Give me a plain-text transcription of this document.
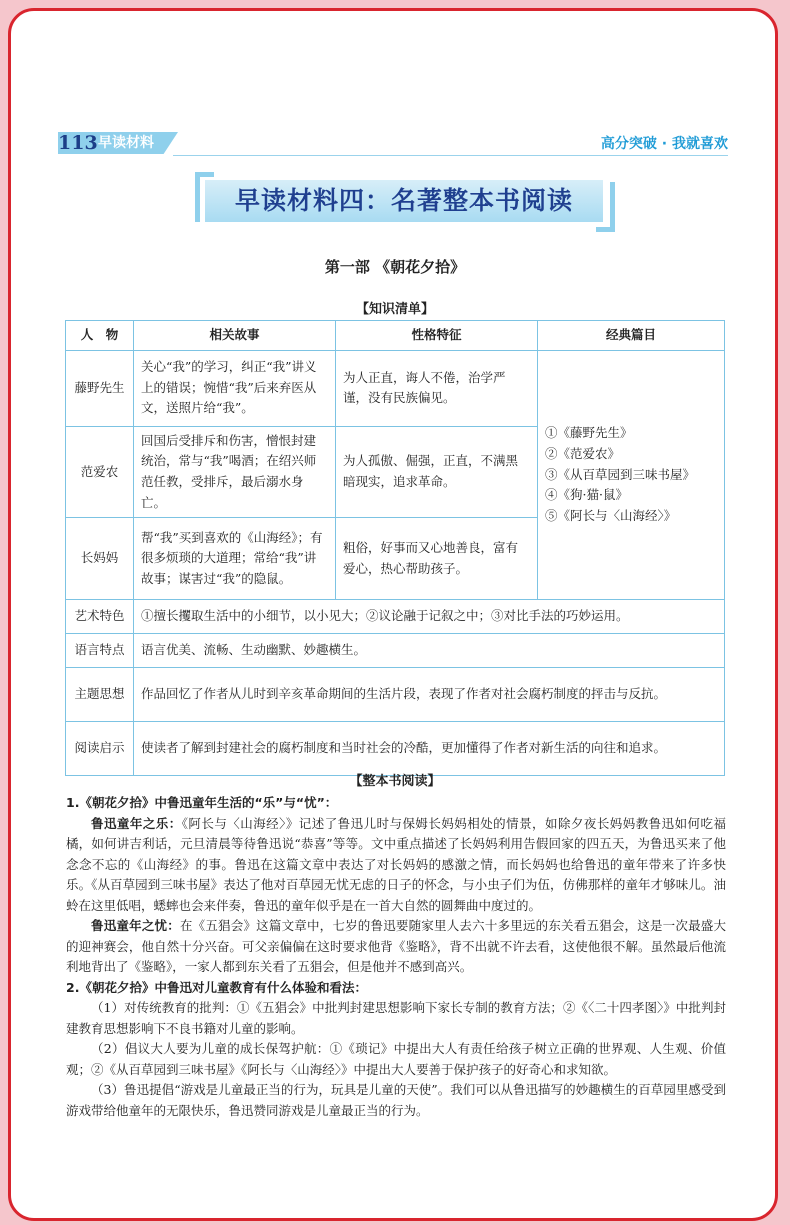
113 早读材料	高分突破 · 我就喜欢
早读材料四：名著整本书阅读
第一部 《朝花夕拾》
【知识清单】
人　物	相关故事	性格特征	经典篇目
藤野先生	关心“我”的学习，纠正“我”讲义上的错误；惋惜“我”后来弃医从文，送照片给“我”。	为人正直，诲人不倦，治学严谨，没有民族偏见。	①《藤野先生》
②《范爱农》
③《从百草园到三味书屋》
④《狗·猫·鼠》
⑤《阿长与〈山海经〉》

范爱农	回国后受排斥和伤害，憎恨封建统治，常与“我”喝酒；在绍兴师范任教，受排斥，最后溺水身亡。	为人孤傲、倔强，正直，不满黑暗现实，追求革命。	
长妈妈	帮“我”买到喜欢的《山海经》；有很多烦琐的大道理；常给“我”讲故事；谋害过“我”的隐鼠。	粗俗，好事而又心地善良，富有爱心，热心帮助孩子。	
艺术特色	①擅长攫取生活中的小细节，以小见大；②议论融于记叙之中；③对比手法的巧妙运用。		
语言特点	语言优美、流畅、生动幽默、妙趣横生。		
主题思想	作品回忆了作者从儿时到辛亥革命期间的生活片段，表现了作者对社会腐朽制度的抨击与反抗。		
阅读启示	使读者了解到封建社会的腐朽制度和当时社会的冷酷，更加懂得了作者对新生活的向往和追求。		
【整本书阅读】

1.《朝花夕拾》中鲁迅童年生活的“乐”与“忧”：

鲁迅童年之乐：《阿长与〈山海经〉》记述了鲁迅儿时与保姆长妈妈相处的情景，如除夕夜长妈妈教鲁迅如何吃福橘，如何讲吉利话，元旦清晨等待鲁迅说“恭喜”等等。文中重点描述了长妈妈利用告假回家的四五天，为鲁迅买来了他念念不忘的《山海经》的事。鲁迅在这篇文章中表达了对长妈妈的感激之情，而长妈妈也给鲁迅的童年带来了许多快乐。《从百草园到三味书屋》表达了他对百草园无忧无虑的日子的怀念，与小虫子们为伍，仿佛那样的童年才够味儿。油蛉在这里低唱，蟋蟀也会来伴奏，鲁迅的童年似乎是在一首大自然的圆舞曲中度过的。

鲁迅童年之忧：在《五猖会》这篇文章中，七岁的鲁迅要随家里人去六十多里远的东关看五猖会，这是一次最盛大的迎神赛会，他自然十分兴奋。可父亲偏偏在这时要求他背《鉴略》，背不出就不许去看，这使他很不解。虽然最后他流利地背出了《鉴略》，一家人都到东关看了五猖会，但是他并不感到高兴。

2.《朝花夕拾》中鲁迅对儿童教育有什么体验和看法：

（1）对传统教育的批判：①《五猖会》中批判封建思想影响下家长专制的教育方法；②《〈二十四孝图〉》中批判封建教育思想影响下不良书籍对儿童的影响。

（2）倡议大人要为儿童的成长保驾护航：①《琐记》中提出大人有责任给孩子树立正确的世界观、人生观、价值观；②《从百草园到三味书屋》《阿长与〈山海经〉》中提出大人要善于保护孩子的好奇心和求知欲。

（3）鲁迅提倡“游戏是儿童最正当的行为，玩具是儿童的天使”。我们可以从鲁迅描写的妙趣横生的百草园里感受到游戏带给他童年的无限快乐，鲁迅赞同游戏是儿童最正当的行为。
